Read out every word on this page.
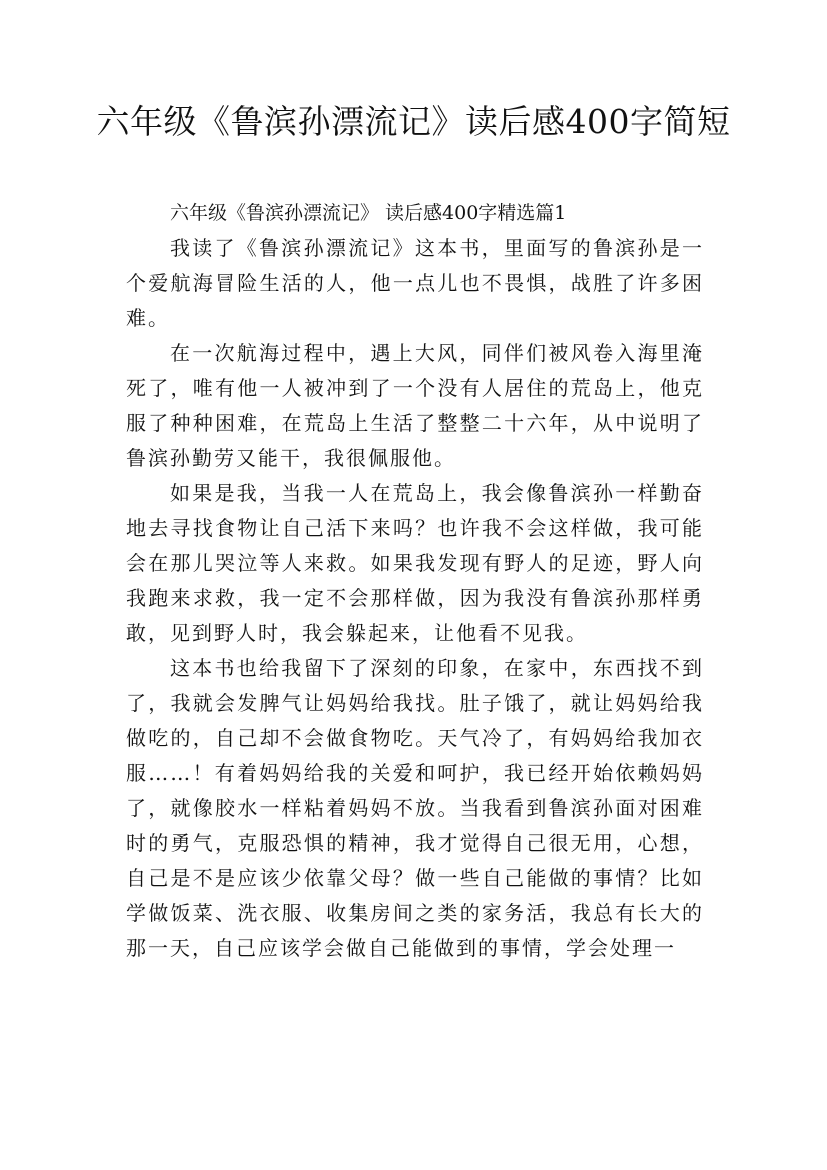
六年级《鲁滨孙漂流记》读后感400字简短

六年级《鲁滨孙漂流记》 读后感400字精选篇1

我读了《鲁滨孙漂流记》这本书，里面写的鲁滨孙是一个爱航海冒险生活的人，他一点儿也不畏惧，战胜了许多困难。

在一次航海过程中，遇上大风，同伴们被风卷入海里淹死了，唯有他一人被冲到了一个没有人居住的荒岛上，他克服了种种困难，在荒岛上生活了整整二十六年，从中说明了鲁滨孙勤劳又能干，我很佩服他。

如果是我，当我一人在荒岛上，我会像鲁滨孙一样勤奋地去寻找食物让自己活下来吗？也许我不会这样做，我可能会在那儿哭泣等人来救。如果我发现有野人的足迹，野人向我跑来求救，我一定不会那样做，因为我没有鲁滨孙那样勇敢，见到野人时，我会躲起来，让他看不见我。

这本书也给我留下了深刻的印象，在家中，东西找不到了，我就会发脾气让妈妈给我找。肚子饿了，就让妈妈给我做吃的，自己却不会做食物吃。天气冷了，有妈妈给我加衣服……！有着妈妈给我的关爱和呵护，我已经开始依赖妈妈了，就像胶水一样粘着妈妈不放。当我看到鲁滨孙面对困难时的勇气，克服恐惧的精神，我才觉得自己很无用，心想，自己是不是应该少依靠父母？做一些自己能做的事情？比如学做饭菜、洗衣服、收集房间之类的家务活，我总有长大的那一天，自己应该学会做自己能做到的事情，学会处理一
